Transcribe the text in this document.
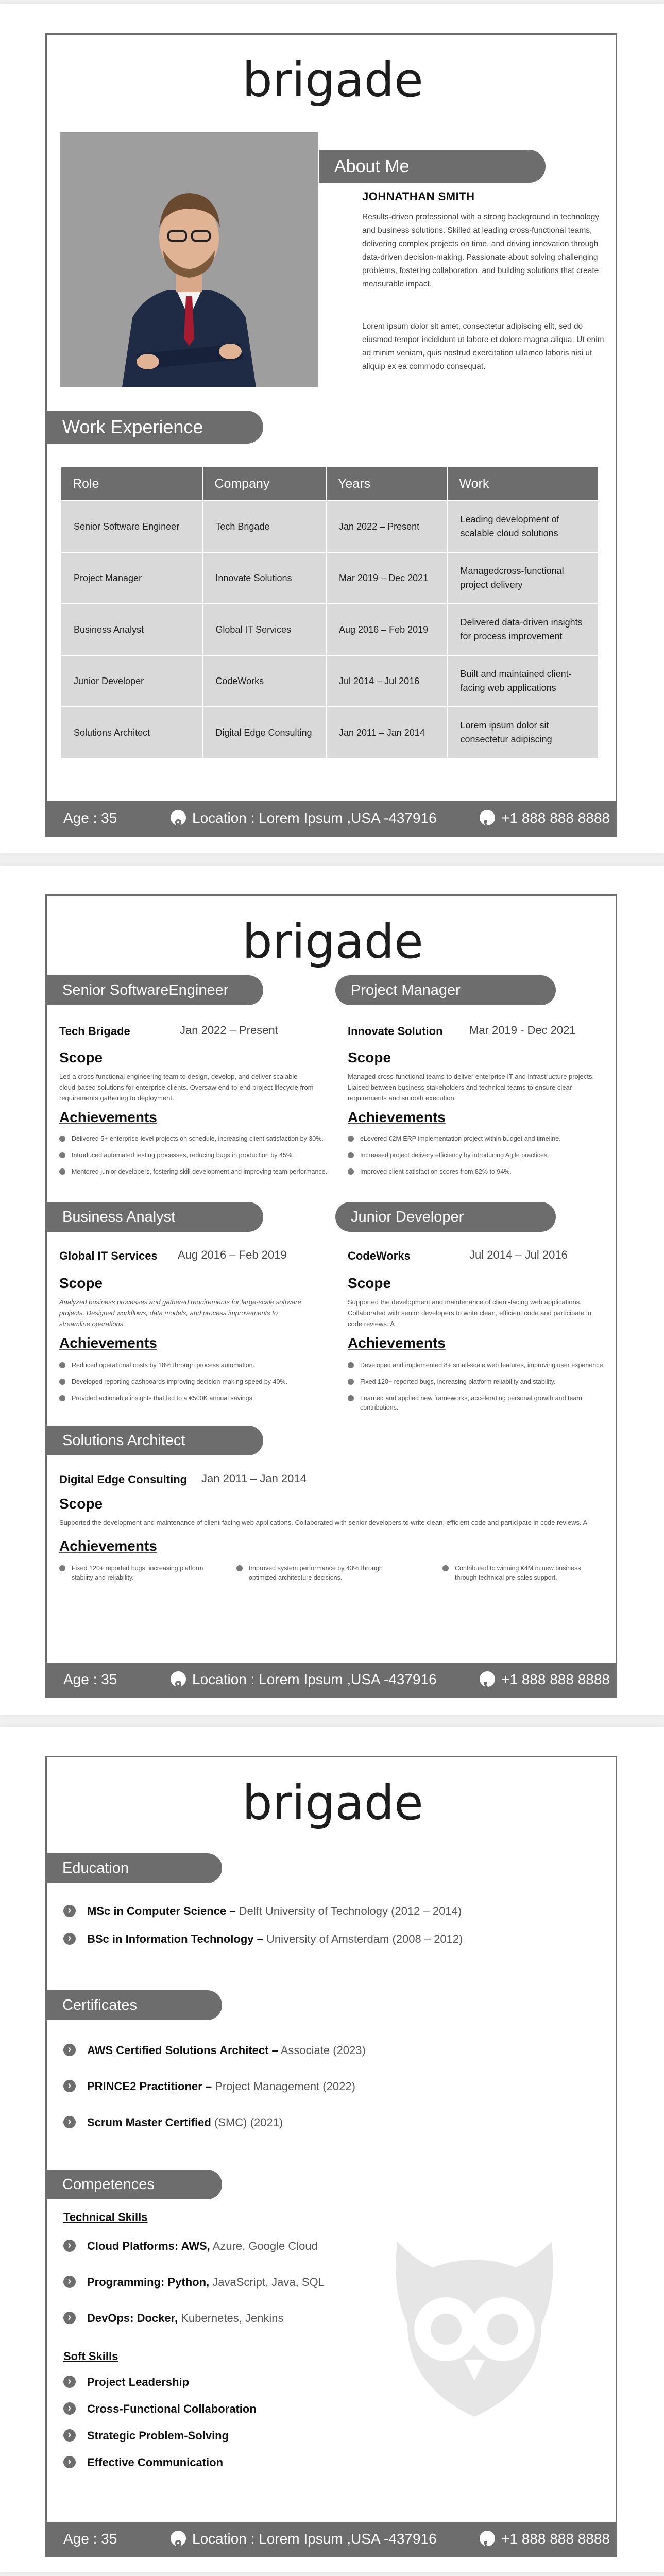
brigade
About Me
JOHNATHAN SMITH
Results-driven professional with a strong background in technology and business solutions. Skilled at leading cross-functional teams, delivering complex projects on time, and driving innovation through data-driven decision-making. Passionate about solving challenging problems, fostering collaboration, and building solutions that create measurable impact.
Lorem ipsum dolor sit amet, consectetur adipiscing elit, sed do eiusmod tempor incididunt ut labore et dolore magna aliqua. Ut enim ad minim veniam, quis nostrud exercitation ullamco laboris nisi ut aliquip ex ea commodo consequat.
Work Experience
Role	Company	Years	Work
Senior Software Engineer	Tech Brigade	Jan 2022 – Present	Leading development of scalable cloud solutions
Project Manager	Innovate Solutions	Mar 2019 – Dec 2021	Managedcross-functional project delivery
Business Analyst	Global IT Services	Aug 2016 – Feb 2019	Delivered data-driven insights for process improvement
Junior Developer	CodeWorks	Jul 2014 – Jul 2016	Built and maintained client-facing web applications
Solutions Architect	Digital Edge Consulting	Jan 2011 – Jan 2014	Lorem ipsum dolor sit consectetur adipiscing
Age : 35	Location : Lorem Ipsum ,USA -437916	+1 888 888 8888
brigade
Senior SoftwareEngineer
Tech Brigade	Jan 2022 – Present
Scope
Led a cross-functional engineering team to design, develop, and deliver scalable cloud-based solutions for enterprise clients. Oversaw end-to-end project lifecycle from requirements gathering to deployment.
Achievements
Delivered 5+ enterprise-level projects on schedule, increasing client satisfaction by 30%.
Introduced automated testing processes, reducing bugs in production by 45%.
Mentored junior developers, fostering skill development and improving team performance.
Project Manager
Innovate Solution Mar 2019 - Dec 2021
Scope
Managed cross-functional teams to deliver enterprise IT and infrastructure projects. Liaised between business stakeholders and technical teams to ensure clear requirements and smooth execution.
Achievements
eLevered €2M ERP implementation project within budget and timeline.
Increased project delivery efficiency by introducing Agile practices.
Improved client satisfaction scores from 82% to 94%.
Business Analyst
Global IT Services Aug 2016 – Feb 2019
Scope
Analyzed business processes and gathered requirements for large-scale software projects. Designed workflows, data models, and process improvements to streamline operations.
Achievements
Reduced operational costs by 18% through process automation.
Developed reporting dashboards improving decision-making speed by 40%.
Provided actionable insights that led to a €500K annual savings.
Junior Developer
CodeWorks	Jul 2014 – Jul 2016
Scope
Supported the development and maintenance of client-facing web applications. Collaborated with senior developers to write clean, efficient code and participate in code reviews. A
Achievements
Developed and implemented 8+ small-scale web features, improving user experience.
Fixed 120+ reported bugs, increasing platform reliability and stability.
Learned and applied new frameworks, accelerating personal growth and team contributions.
Solutions Architect
Digital Edge Consulting Jan 2011 – Jan 2014
Scope
Supported the development and maintenance of client-facing web applications. Collaborated with senior developers to write clean, efficient code and participate in code reviews. A
Achievements
Fixed 120+ reported bugs, increasing platform stability and reliability.
Improved system performance by 43% through optimized architecture decisions.
Contributed to winning €4M in new business through technical pre-sales support.
Age : 35	Location : Lorem Ipsum ,USA -437916	+1 888 888 8888
brigade
Education
› MSc in Computer Science – Delft University of Technology (2012 – 2014)
› BSc in Information Technology – University of Amsterdam (2008 – 2012)
Certificates
› AWS Certified Solutions Architect – Associate (2023)
› PRINCE2 Practitioner – Project Management (2022)
› Scrum Master Certified (SMC) (2021)
Competences
Technical Skills
› Cloud Platforms: AWS, Azure, Google Cloud
› Programming: Python, JavaScript, Java, SQL
› DevOps: Docker, Kubernetes, Jenkins
Soft Skills
› Project Leadership
› Cross-Functional Collaboration
› Strategic Problem-Solving
› Effective Communication
Age : 35	Location : Lorem Ipsum ,USA -437916	+1 888 888 8888
